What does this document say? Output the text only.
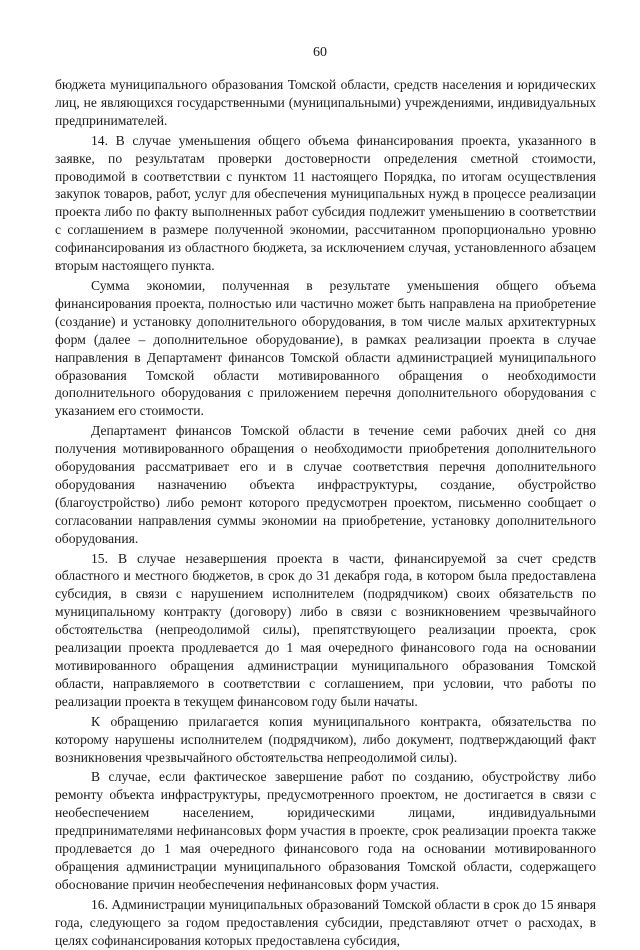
60

бюджета муниципального образования Томской области, средств населения и юридических лиц, не являющихся государственными (муниципальными) учреждениями, индивидуальных предпринимателей.

14. В случае уменьшения общего объема финансирования проекта, указанного в заявке, по результатам проверки достоверности определения сметной стоимости, проводимой в соответствии с пунктом 11 настоящего Порядка, по итогам осуществления закупок товаров, работ, услуг для обеспечения муниципальных нужд в процессе реализации проекта либо по факту выполненных работ субсидия подлежит уменьшению в соответствии с соглашением в размере полученной экономии, рассчитанном пропорционально уровню софинансирования из областного бюджета, за исключением случая, установленного абзацем вторым настоящего пункта.

Сумма экономии, полученная в результате уменьшения общего объема финансирования проекта, полностью или частично может быть направлена на приобретение (создание) и установку дополнительного оборудования, в том числе малых архитектурных форм (далее – дополнительное оборудование), в рамках реализации проекта в случае направления в Департамент финансов Томской области администрацией муниципального образования Томской области мотивированного обращения о необходимости дополнительного оборудования с приложением перечня дополнительного оборудования с указанием его стоимости.

Департамент финансов Томской области в течение семи рабочих дней со дня получения мотивированного обращения о необходимости приобретения дополнительного оборудования рассматривает его и в случае соответствия перечня дополнительного оборудования назначению объекта инфраструктуры, создание, обустройство (благоустройство) либо ремонт которого предусмотрен проектом, письменно сообщает о согласовании направления суммы экономии на приобретение, установку дополнительного оборудования.

15. В случае незавершения проекта в части, финансируемой за счет средств областного и местного бюджетов, в срок до 31 декабря года, в котором была предоставлена субсидия, в связи с нарушением исполнителем (подрядчиком) своих обязательств по муниципальному контракту (договору) либо в связи с возникновением чрезвычайного обстоятельства (непреодолимой силы), препятствующего реализации проекта, срок реализации проекта продлевается до 1 мая очередного финансового года на основании мотивированного обращения администрации муниципального образования Томской области, направляемого в соответствии с соглашением, при условии, что работы по реализации проекта в текущем финансовом году были начаты.

К обращению прилагается копия муниципального контракта, обязательства по которому нарушены исполнителем (подрядчиком), либо документ, подтверждающий факт возникновения чрезвычайного обстоятельства непреодолимой силы).

В случае, если фактическое завершение работ по созданию, обустройству либо ремонту объекта инфраструктуры, предусмотренного проектом, не достигается в связи с необеспечением населением, юридическими лицами, индивидуальными предпринимателями нефинансовых форм участия в проекте, срок реализации проекта также продлевается до 1 мая очередного финансового года на основании мотивированного обращения администрации муниципального образования Томской области, содержащего обоснование причин необеспечения нефинансовых форм участия.

16. Администрации муниципальных образований Томской области в срок до 15 января года, следующего за годом предоставления субсидии, представляют отчет о расходах, в целях софинансирования которых предоставлена субсидия,
